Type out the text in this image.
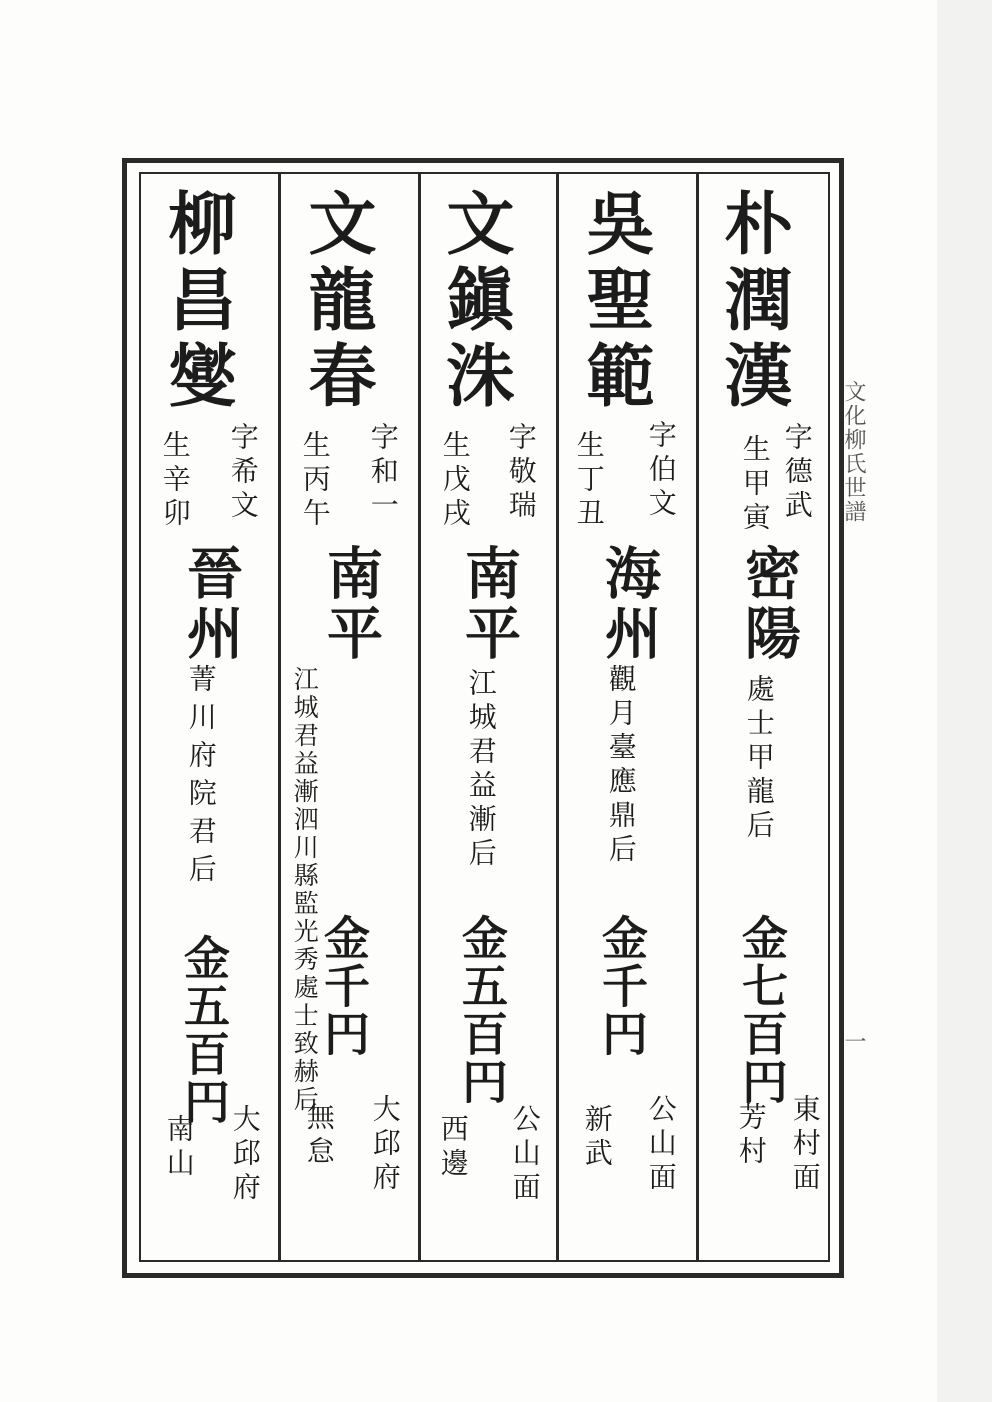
文化柳氏世譜
一
朴潤漢
字德武
生甲寅
密陽
處士甲龍后
金七百円
東村面
芳村
吳聖範
字伯文
生丁丑
海州
觀月臺應鼎后
金千円
公山面
新武
文鎭洙
字敬瑞
生戊戌
南平
江城君益漸后
金五百円
公山面
西邊
文龍春
字和一
生丙午
南平
江城君益漸泗川縣監光秀處士致赫后
金千円
大邱府
無怠
柳昌燮
字希文
生辛卯
晉州
菁川府院君后
金五百円
大邱府
南山
